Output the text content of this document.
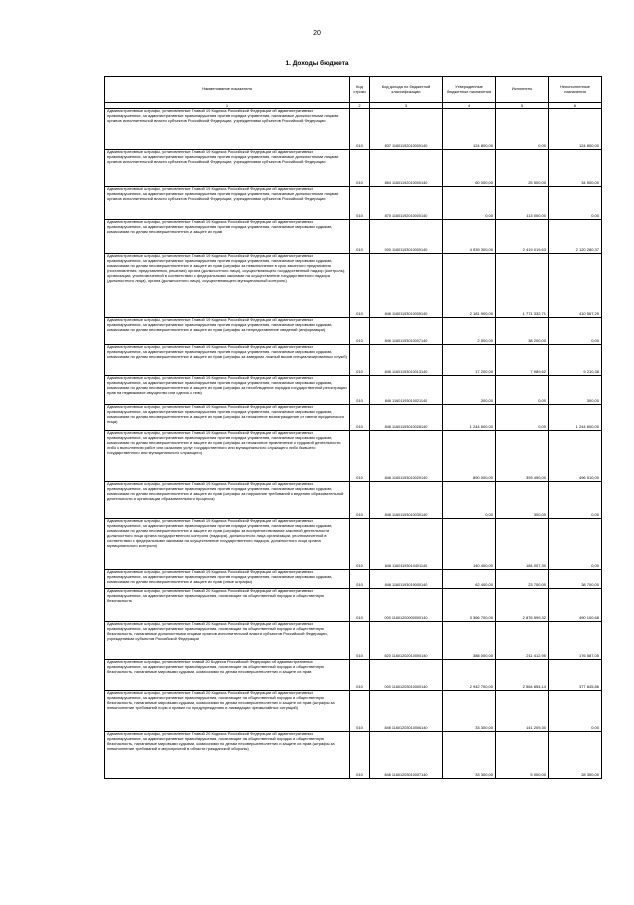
20
1. Доходы бюджета
Наименование показателя	Код строки	Код дохода по бюджетной классификации	Утвержденные бюджетные назначения	Исполнено	Неисполненные назначения
1	2	3	4	5	6
Административные штрафы, установленные Главой 19 Кодекса Российской Федерации об административных правонарушениях, за административные правонарушения против порядка управления, налагаемые должностными лицами органов исполнительной власти субъектов Российской Федерации, учреждениями субъектов Российской Федерации	010	837 11601192010000140	124 800,00	0,00	124 800,00
Административные штрафы, установленные Главой 19 Кодекса Российской Федерации об административных правонарушениях, за административные правонарушения против порядка управления, налагаемые должностными лицами органов исполнительной власти субъектов Российской Федерации, учреждениями субъектов Российской Федерации	010	864 11601192010000140	60 000,00	25 500,00	34 500,00
Административные штрафы, установленные Главой 19 Кодекса Российской Федерации об административных правонарушениях, за административные правонарушения против порядка управления, налагаемые должностными лицами органов исполнительной власти субъектов Российской Федерации, учреждениями субъектов Российской Федерации	010	870 11601192010000140	0,00	113 000,00	0,00
Административные штрафы, установленные Главой 19 Кодекса Российской Федерации об административных правонарушениях, за административные правонарушения против порядка управления, налагаемые мировыми судьями, комиссиями по делам несовершеннолетних и защите их прав	010	000 11601193010000140	4 539 300,00	2 419 019,63	2 120 280,37
Административные штрафы, установленные Главой 19 Кодекса Российской Федерации об административных правонарушениях, за административные правонарушения против порядка управления, налагаемые мировыми судьями, комиссиями по делам несовершеннолетних и защите их прав (штрафы за невыполнение в срок законного предписания (постановления, представления, решения) органа (должностного лица), осуществляющего государственный надзор (контроль), организации, уполномоченной в соответствии с федеральными законами на осуществление государственного надзора (должностного лица), органа (должностного лица), осуществляющего муниципальный контроль)	010	846 11601193010005140	2 181 900,00	1 771 332,71	410 567,29
Административные штрафы, установленные Главой 19 Кодекса Российской Федерации об административных правонарушениях, за административные правонарушения против порядка управления, налагаемые мировыми судьями, комиссиями по делам несовершеннолетних и защите их прав (штрафы за непредставление сведений (информации)	010	846 11601193010007140	2 500,00	38 200,00	0,00
Административные штрафы, установленные Главой 19 Кодекса Российской Федерации об административных правонарушениях, за административные правонарушения против порядка управления, налагаемые мировыми судьями, комиссиями по делам несовершеннолетних и защите их прав (штрафы за заведомо ложный вызов специализированных служб)	010	846 11601193010013140	17 200,00	7 989,62	9 210,38
Административные штрафы, установленные Главой 19 Кодекса Российской Федерации об административных правонарушениях, за административные правонарушения против порядка управления, налагаемые мировыми судьями, комиссиями по делам несовершеннолетних и защите их прав (штрафы за несоблюдение порядка государственной регистрации прав на недвижимое имущество или сделок с ним)	010	846 11601193010021140	300,00	0,00	300,00
Административные штрафы, установленные Главой 19 Кодекса Российской Федерации об административных правонарушениях, за административные правонарушения против порядка управления, налагаемые мировыми судьями, комиссиями по делам несовершеннолетних и защите их прав (штрафы за незаконное вознаграждение от имени юридического лица)	010	846 11601193010028140	1 244 600,00	0,00	1 244 600,00
Административные штрафы, установленные Главой 19 Кодекса Российской Федерации об административных правонарушениях, за административные правонарушения против порядка управления, налагаемые мировыми судьями, комиссиями по делам несовершеннолетних и защите их прав (штрафы за незаконное привлечение к трудовой деятельности либо к выполнению работ или оказанию услуг государственного или муниципального служащего либо бывшего государственного или муниципального служащего)	010	846 11601193010029140	890 000,00	393 490,00	496 510,00
Административные штрафы, установленные Главой 19 Кодекса Российской Федерации об административных правонарушениях, за административные правонарушения против порядка управления, налагаемые мировыми судьями, комиссиями по делам несовершеннолетних и защите их прав (штрафы за нарушение требований к ведению образовательной деятельности и организации образовательного процесса)	010	846 11601193010030140	0,00	300,00	0,00
Административные штрафы, установленные Главой 19 Кодекса Российской Федерации об административных правонарушениях, за административные правонарушения против порядка управления, налагаемые мировыми судьями, комиссиями по делам несовершеннолетних и защите их прав (штрафы за воспрепятствование законной деятельности должностного лица органа государственного контроля (надзора), должностного лица организации, уполномоченной в соответствии с федеральными законами на осуществление государственного надзора, должностного лица органа муниципального контроля)	010	846 11601193010401140	140 400,00	184 007,30	0,00
Административные штрафы, установленные Главой 19 Кодекса Российской Федерации об административных правонарушениях, за административные правонарушения против порядка управления, налагаемые мировыми судьями, комиссиями по делам несовершеннолетних и защите их прав (иные штрафы)	010	846 11601193019000140	62 400,00	23 700,00	38 700,00
Административные штрафы, установленные Главой 20 Кодекса Российской Федерации об административных правонарушениях, за административные правонарушения, посягающие на общественный порядок и общественную безопасность	010	000 11601200000000140	3 366 700,00	2 876 599,32	490 100,68
Административные штрафы, установленные Главой 20 Кодекса Российской Федерации об административных правонарушениях, за административные правонарушения, посягающие на общественный порядок и общественную безопасность, налагаемые должностными лицами органов исполнительной власти субъектов Российской Федерации, учреждениями субъектов Российской Федерации	010	820 11601202010000140	388 000,00	211 412,95	176 587,05
Административные штрафы, установленные главой 20 Кодекса Российской Федерации об административных правонарушениях, за административные правонарушения, посягающие на общественный порядок и общественную безопасность, налагаемые мировыми судьями, комиссиями по делам несовершеннолетних и защите их прав	010	000 11601203010000140	2 942 700,00	2 564 854,14	377 845,86
Административные штрафы, установленные Главой 20 Кодекса Российской Федерации об административных правонарушениях, за административные правонарушения, посягающие на общественный порядок и общественную безопасность, налагаемые мировыми судьями, комиссиями по делам несовершеннолетних и защите их прав (штрафы за невыполнение требований норм и правил по предупреждению и ликвидации чрезвычайных ситуаций)	010	846 11601203010006140	33 300,00	141 209,30	0,00
Административные штрафы, установленные Главой 20 Кодекса Российской Федерации об административных правонарушениях, за административные правонарушения, посягающие на общественный порядок и общественную безопасность, налагаемые мировыми судьями, комиссиями по делам несовершеннолетних и защите их прав (штрафы за невыполнение требований и мероприятий в области гражданской обороны)	010	846 11601203010007140	33 300,00	5 000,00	28 300,00
